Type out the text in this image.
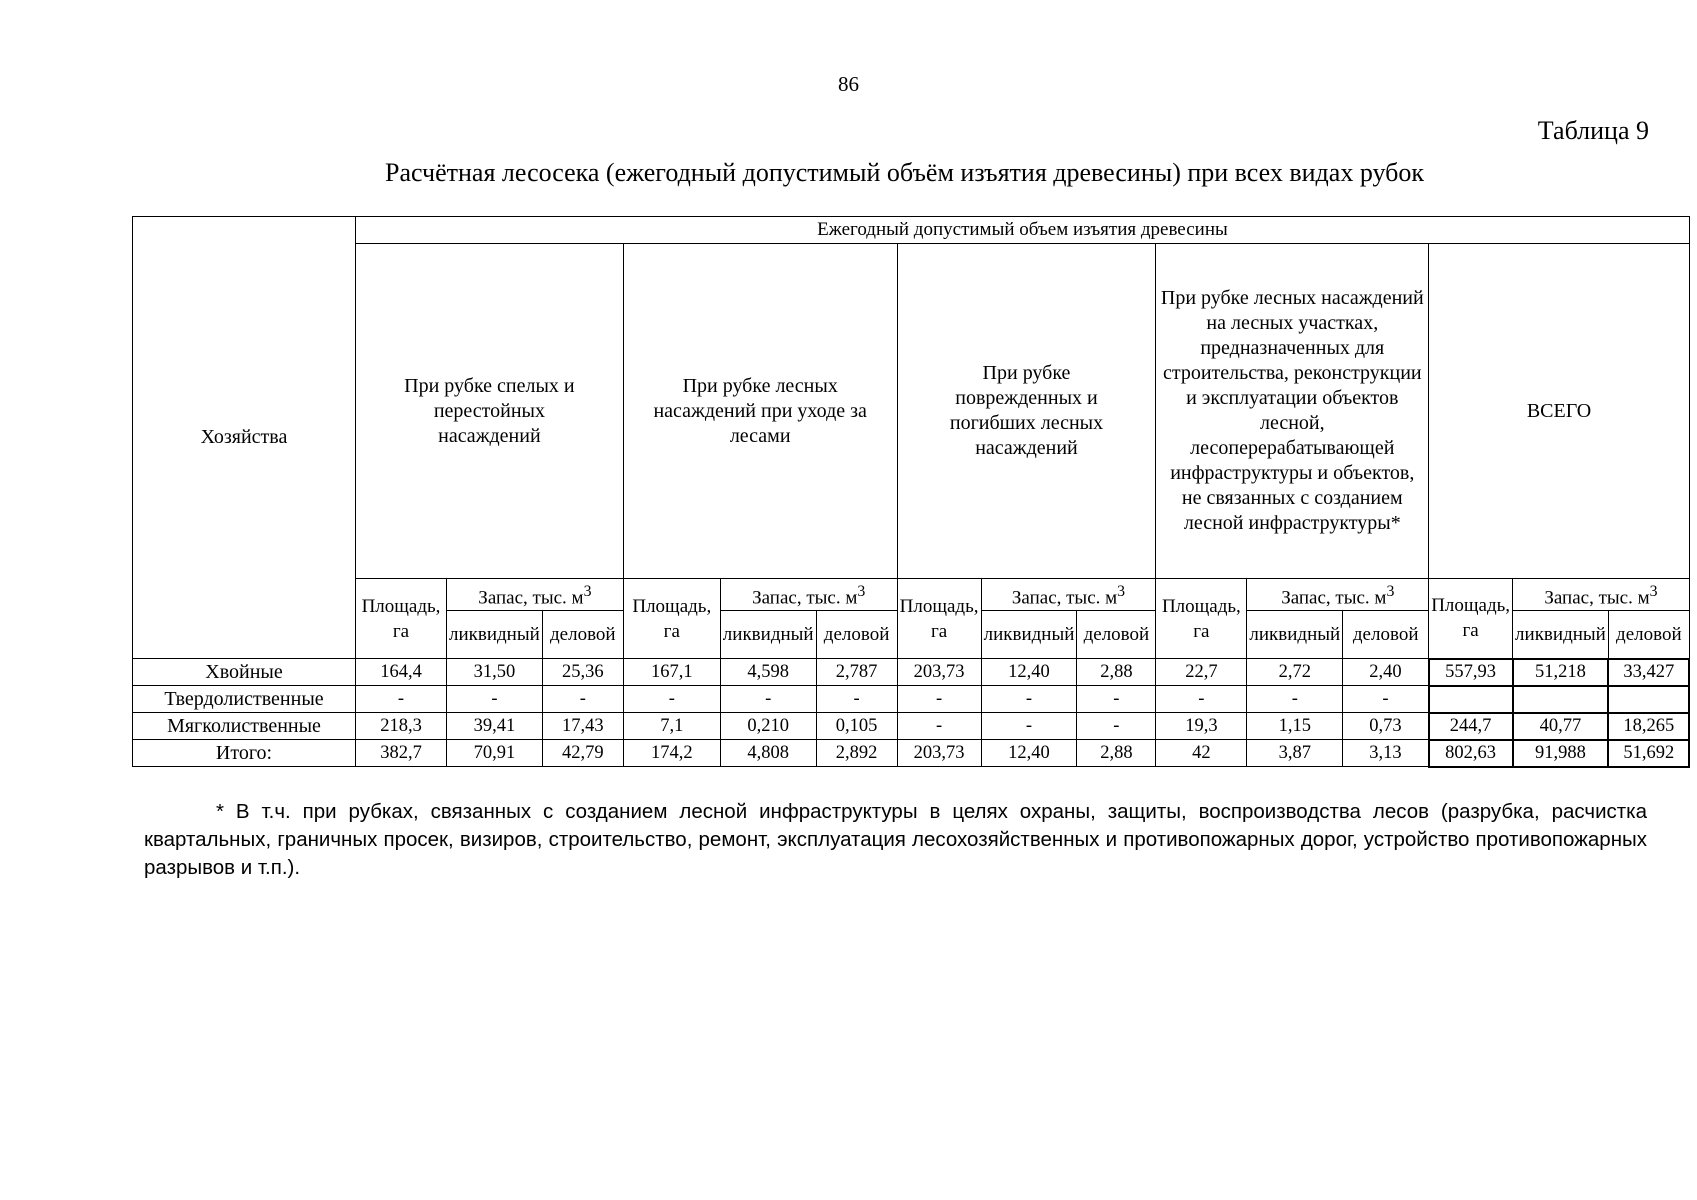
86
Таблица 9
Расчётная лесосека (ежегодный допустимый объём изъятия древесины) при всех видах рубок
Хозяйства	Ежегодный допустимый объем изъятия древесины														
	При рубке спелых и перестойных насаждений			При рубке лесных насаждений при уходе за лесами			При рубке поврежденных и погибших лесных насаждений			При рубке лесных насаждений на лесных участках, предназначенных для строительства, реконструкции и эксплуатации объектов лесной, лесоперерабатывающей инфраструктуры и объектов, не связанных с созданием лесной инфраструктуры*			ВСЕГО		
	Площадь, га	Запас, тыс. $м^3$		Площадь, га	Запас, тыс. $м^3$		Площадь, га	Запас, тыс. $м^3$		Площадь, га	Запас, тыс. $м^3$		Площадь, га	Запас, тыс. $м^3$
		ликвидный	деловой		ликвидный	деловой		ликвидный	деловой		ликвидный	деловой		ликвидный	деловой
Хвойные	164,4	31,50	25,36	167,1	4,598	2,787	203,73	12,40	2,88	22,7	2,72	2,40	557,93	51,218	33,427
Твердолиственные	-	-	-	-	-	-	-	-	-	-	-	-			
Мягколиственные	218,3	39,41	17,43	7,1	0,210	0,105	-	-	-	19,3	1,15	0,73	244,7	40,77	18,265
Итого:	382,7	70,91	42,79	174,2	4,808	2,892	203,73	12,40	2,88	42	3,87	3,13	802,63	91,988	51,692
* В т.ч. при рубках, связанных с созданием лесной инфраструктуры в целях охраны, защиты, воспроизводства лесов (разрубка, расчистка квартальных, граничных просек, визиров, строительство, ремонт, эксплуатация лесохозяйственных и противопожарных дорог, устройство противопожарных разрывов и т.п.).
